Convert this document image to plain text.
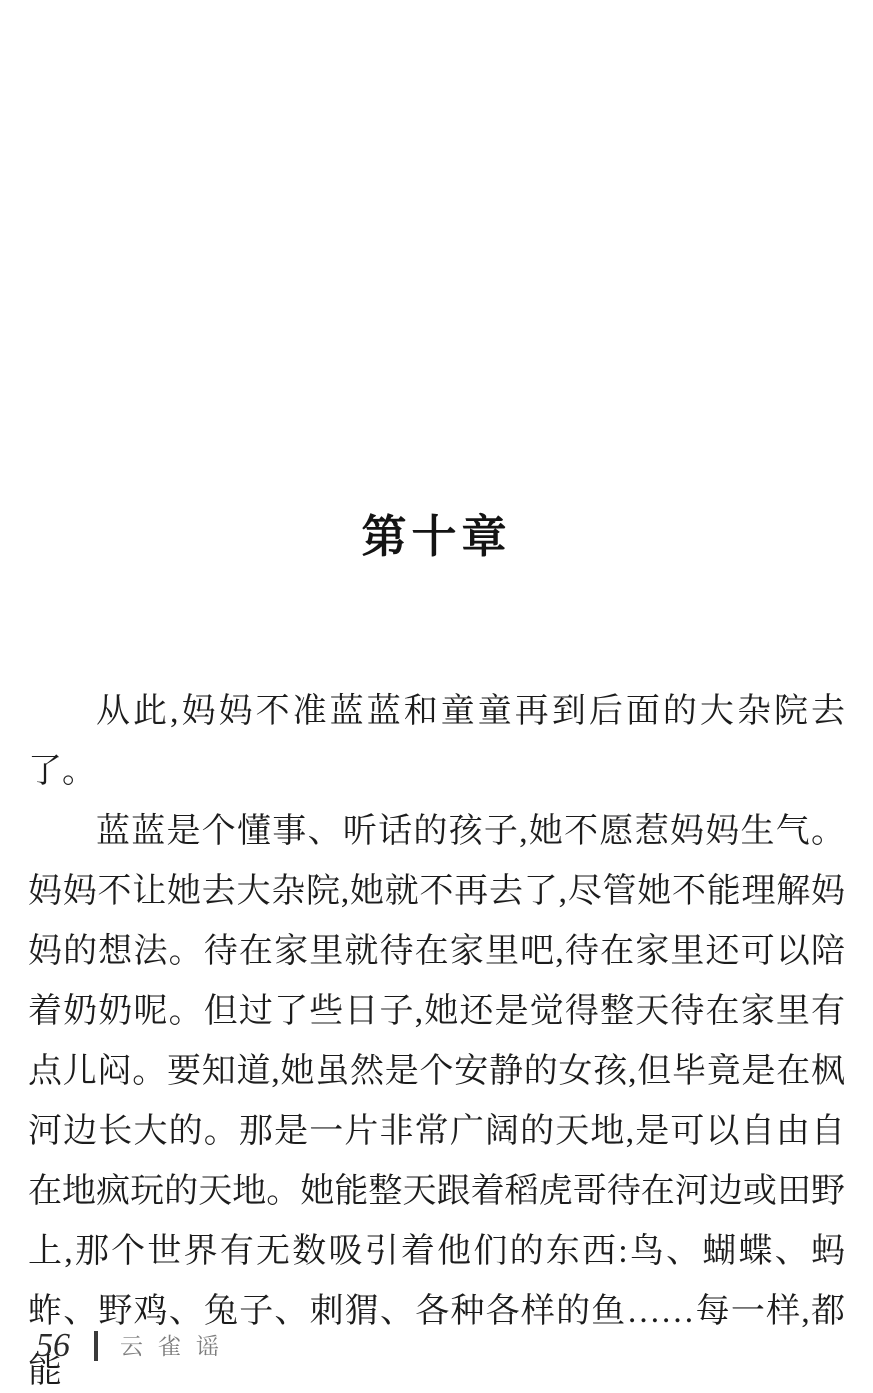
第十章

从此,妈妈不准蓝蓝和童童再到后面的大杂院去了。

蓝蓝是个懂事、听话的孩子,她不愿惹妈妈生气。妈妈不让她去大杂院,她就不再去了,尽管她不能理解妈妈的想法。待在家里就待在家里吧,待在家里还可以陪着奶奶呢。但过了些日子,她还是觉得整天待在家里有点儿闷。要知道,她虽然是个安静的女孩,但毕竟是在枫河边长大的。那是一片非常广阔的天地,是可以自由自在地疯玩的天地。她能整天跟着稻虎哥待在河边或田野上,那个世界有无数吸引着他们的东西:鸟、蝴蝶、蚂蚱、野鸡、兔子、刺猬、各种各样的鱼……每一样,都能

56 云雀谣
